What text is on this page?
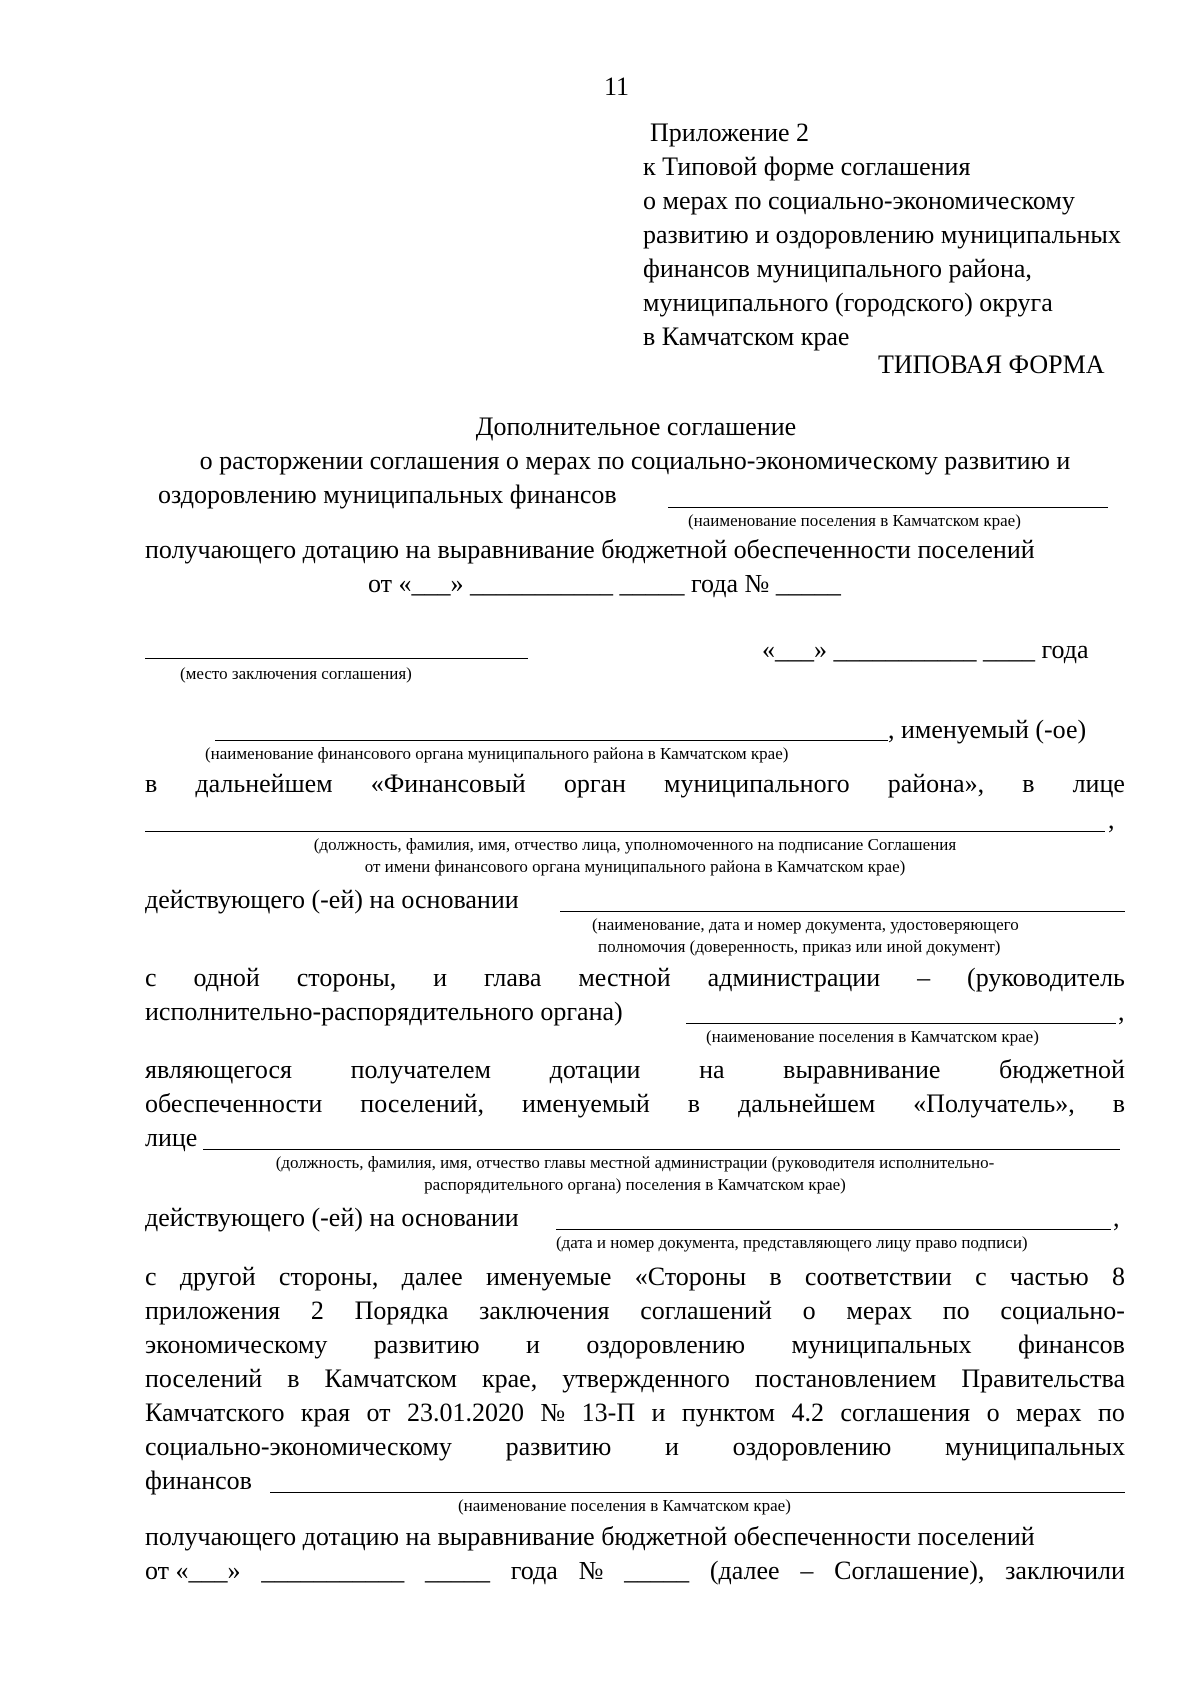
11
Приложение 2
к Типовой форме соглашения
о мерах по социально-экономическому
развитию и оздоровлению муниципальных
финансов муниципального района,
муниципального (городского) округа
в Камчатском крае
ТИПОВАЯ ФОРМА
Дополнительное соглашение
о расторжении соглашения о мерах по социально-экономическому развитию и
оздоровлению муниципальных финансов
(наименование поселения в Камчатском крае)
получающего дотацию на выравнивание бюджетной обеспеченности поселений
от «___» ___________ _____ года № _____
(место заключения соглашения)
«___» ___________ ____ года
, именуемый (-ое)
(наименование финансового органа муниципального района в Камчатском крае)
в дальнейшем «Финансовый орган муниципального района», в лице
,
(должность, фамилия, имя, отчество лица, уполномоченного на подписание Соглашения
от имени финансового органа муниципального района в Камчатском крае)
действующего (-ей) на основании
(наименование, дата и номер документа, удостоверяющего
полномочия (доверенность, приказ или иной документ)
с одной стороны, и глава местной администрации – (руководитель
исполнительно-распорядительного органа)	,
(наименование поселения в Камчатском крае)
являющегося получателем дотации на выравнивание бюджетной
обеспеченности поселений, именуемый в дальнейшем «Получатель», в
лице
(должность, фамилия, имя, отчество главы местной администрации (руководителя исполнительно-
распорядительного органа) поселения в Камчатском крае)
действующего (-ей) на основании	,
(дата и номер документа, представляющего лицу право подписи)
с другой стороны, далее именуемые «Стороны в соответствии с частью 8
приложения 2 Порядка заключения соглашений о мерах по социально-
экономическому развитию и оздоровлению муниципальных финансов
поселений в Камчатском крае, утвержденного постановлением Правительства
Камчатского края от 23.01.2020 № 13-П и пунктом 4.2 соглашения о мерах по
социально-экономическому развитию и оздоровлению муниципальных
финансов
(наименование поселения в Камчатском крае)
получающего дотацию на выравнивание бюджетной обеспеченности поселений
от «___» ___________ _____ года № _____ (далее – Соглашение), заключили
